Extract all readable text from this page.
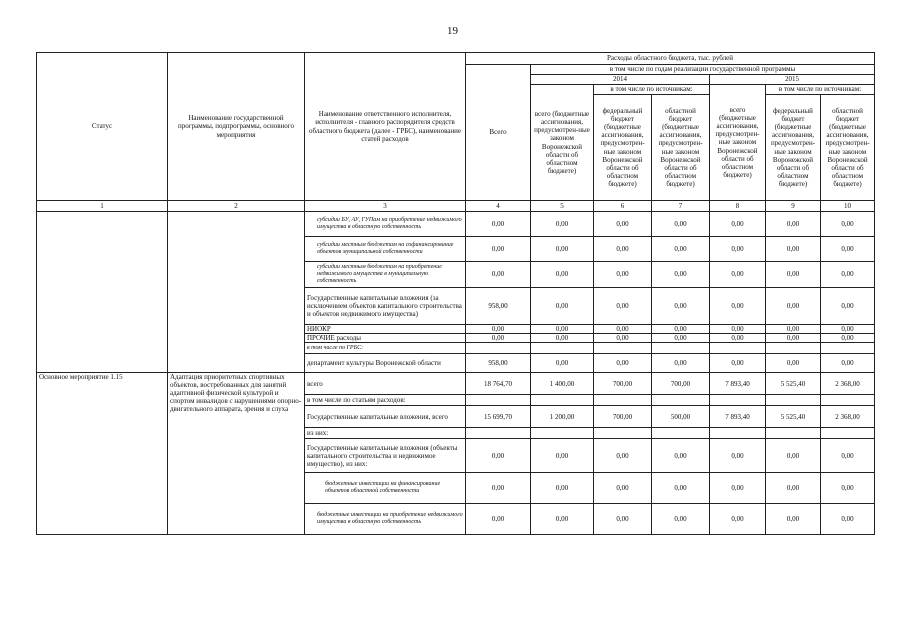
19
Статус	Наименование государственной программы, подпрограммы, основного мероприятия	Наименование ответственного исполнителя, исполнителя - главного распорядителя средств областного бюджета (далее - ГРБС), наименование статей расходов	Расходы областного бюджета, тыс. рублей						
			Всего	в том числе по годам реализации государственной программы					
				2014			2015		
				всего (бюджетные ассигнования, предусмотрен-ные законом Воронежской области об областном бюджете)	в том числе по источникам:		всего (бюджетные ассигнования, предусмотрен-ные законом Воронежской области об областном бюджете)	в том числе по источникам:	
					федеральный бюджет (бюджетные ассигнования, предусмотрен-ные законом Воронежской области об областном бюджете)	областной бюджет (бюджетные ассигнования, предусмотрен-ные законом Воронежской области об областном бюджете)		федеральный бюджет (бюджетные ассигнования, предусмотрен-ные законом Воронежской области об областном бюджете)	областной бюджет (бюджетные ассигнования, предусмотрен-ные законом Воронежской области об областном бюджете)
1	2	3	4	5	6	7	8	9	10
		субсидии БУ, АУ, ГУПам на приобретение недвижимого имущества в областную собственность	0,00	0,00	0,00	0,00	0,00	0,00	0,00
		субсидии местным бюджетам на софинансирование объектов муниципальной собственности	0,00	0,00	0,00	0,00	0,00	0,00	0,00
		субсидии местным бюджетам на приобретение недвижимого имущества в муниципальную собственность	0,00	0,00	0,00	0,00	0,00	0,00	0,00
		Государственные капитальные вложения (за исключением объектов капитального строительства и объектов недвижимого имущества)	958,00	0,00	0,00	0,00	0,00	0,00	0,00
		НИОКР	0,00	0,00	0,00	0,00	0,00	0,00	0,00
		ПРОЧИЕ расходы	0,00	0,00	0,00	0,00	0,00	0,00	0,00
		в том числе по ГРБС:							
		департамент культуры Воронежской области	958,00	0,00	0,00	0,00	0,00	0,00	0,00
Основное мероприятие 1.15	Адаптация приоритетных спортивных объектов, востребованных для занятий адаптивной физической культурой и спортом инвалидов с нарушениями опорно-двигательного аппарата, зрения и слуха	всего	18 764,70	1 400,00	700,00	700,00	7 893,40	5 525,40	2 368,00
		в том числе по статьям расходов:							
		Государственные капитальные вложения, всего	15 699,70	1 200,00	700,00	500,00	7 893,40	5 525,40	2 368,00
		из них:							
		Государственные капитальные вложения (объекты капитального строительства и недвижимое имущество), из них:	0,00	0,00	0,00	0,00	0,00	0,00	0,00
		бюджетные инвестиции на финансирование объектов областной собственности	0,00	0,00	0,00	0,00	0,00	0,00	0,00
		бюджетные инвестиции на приобретение недвижимого имущества в областную собственность	0,00	0,00	0,00	0,00	0,00	0,00	0,00
